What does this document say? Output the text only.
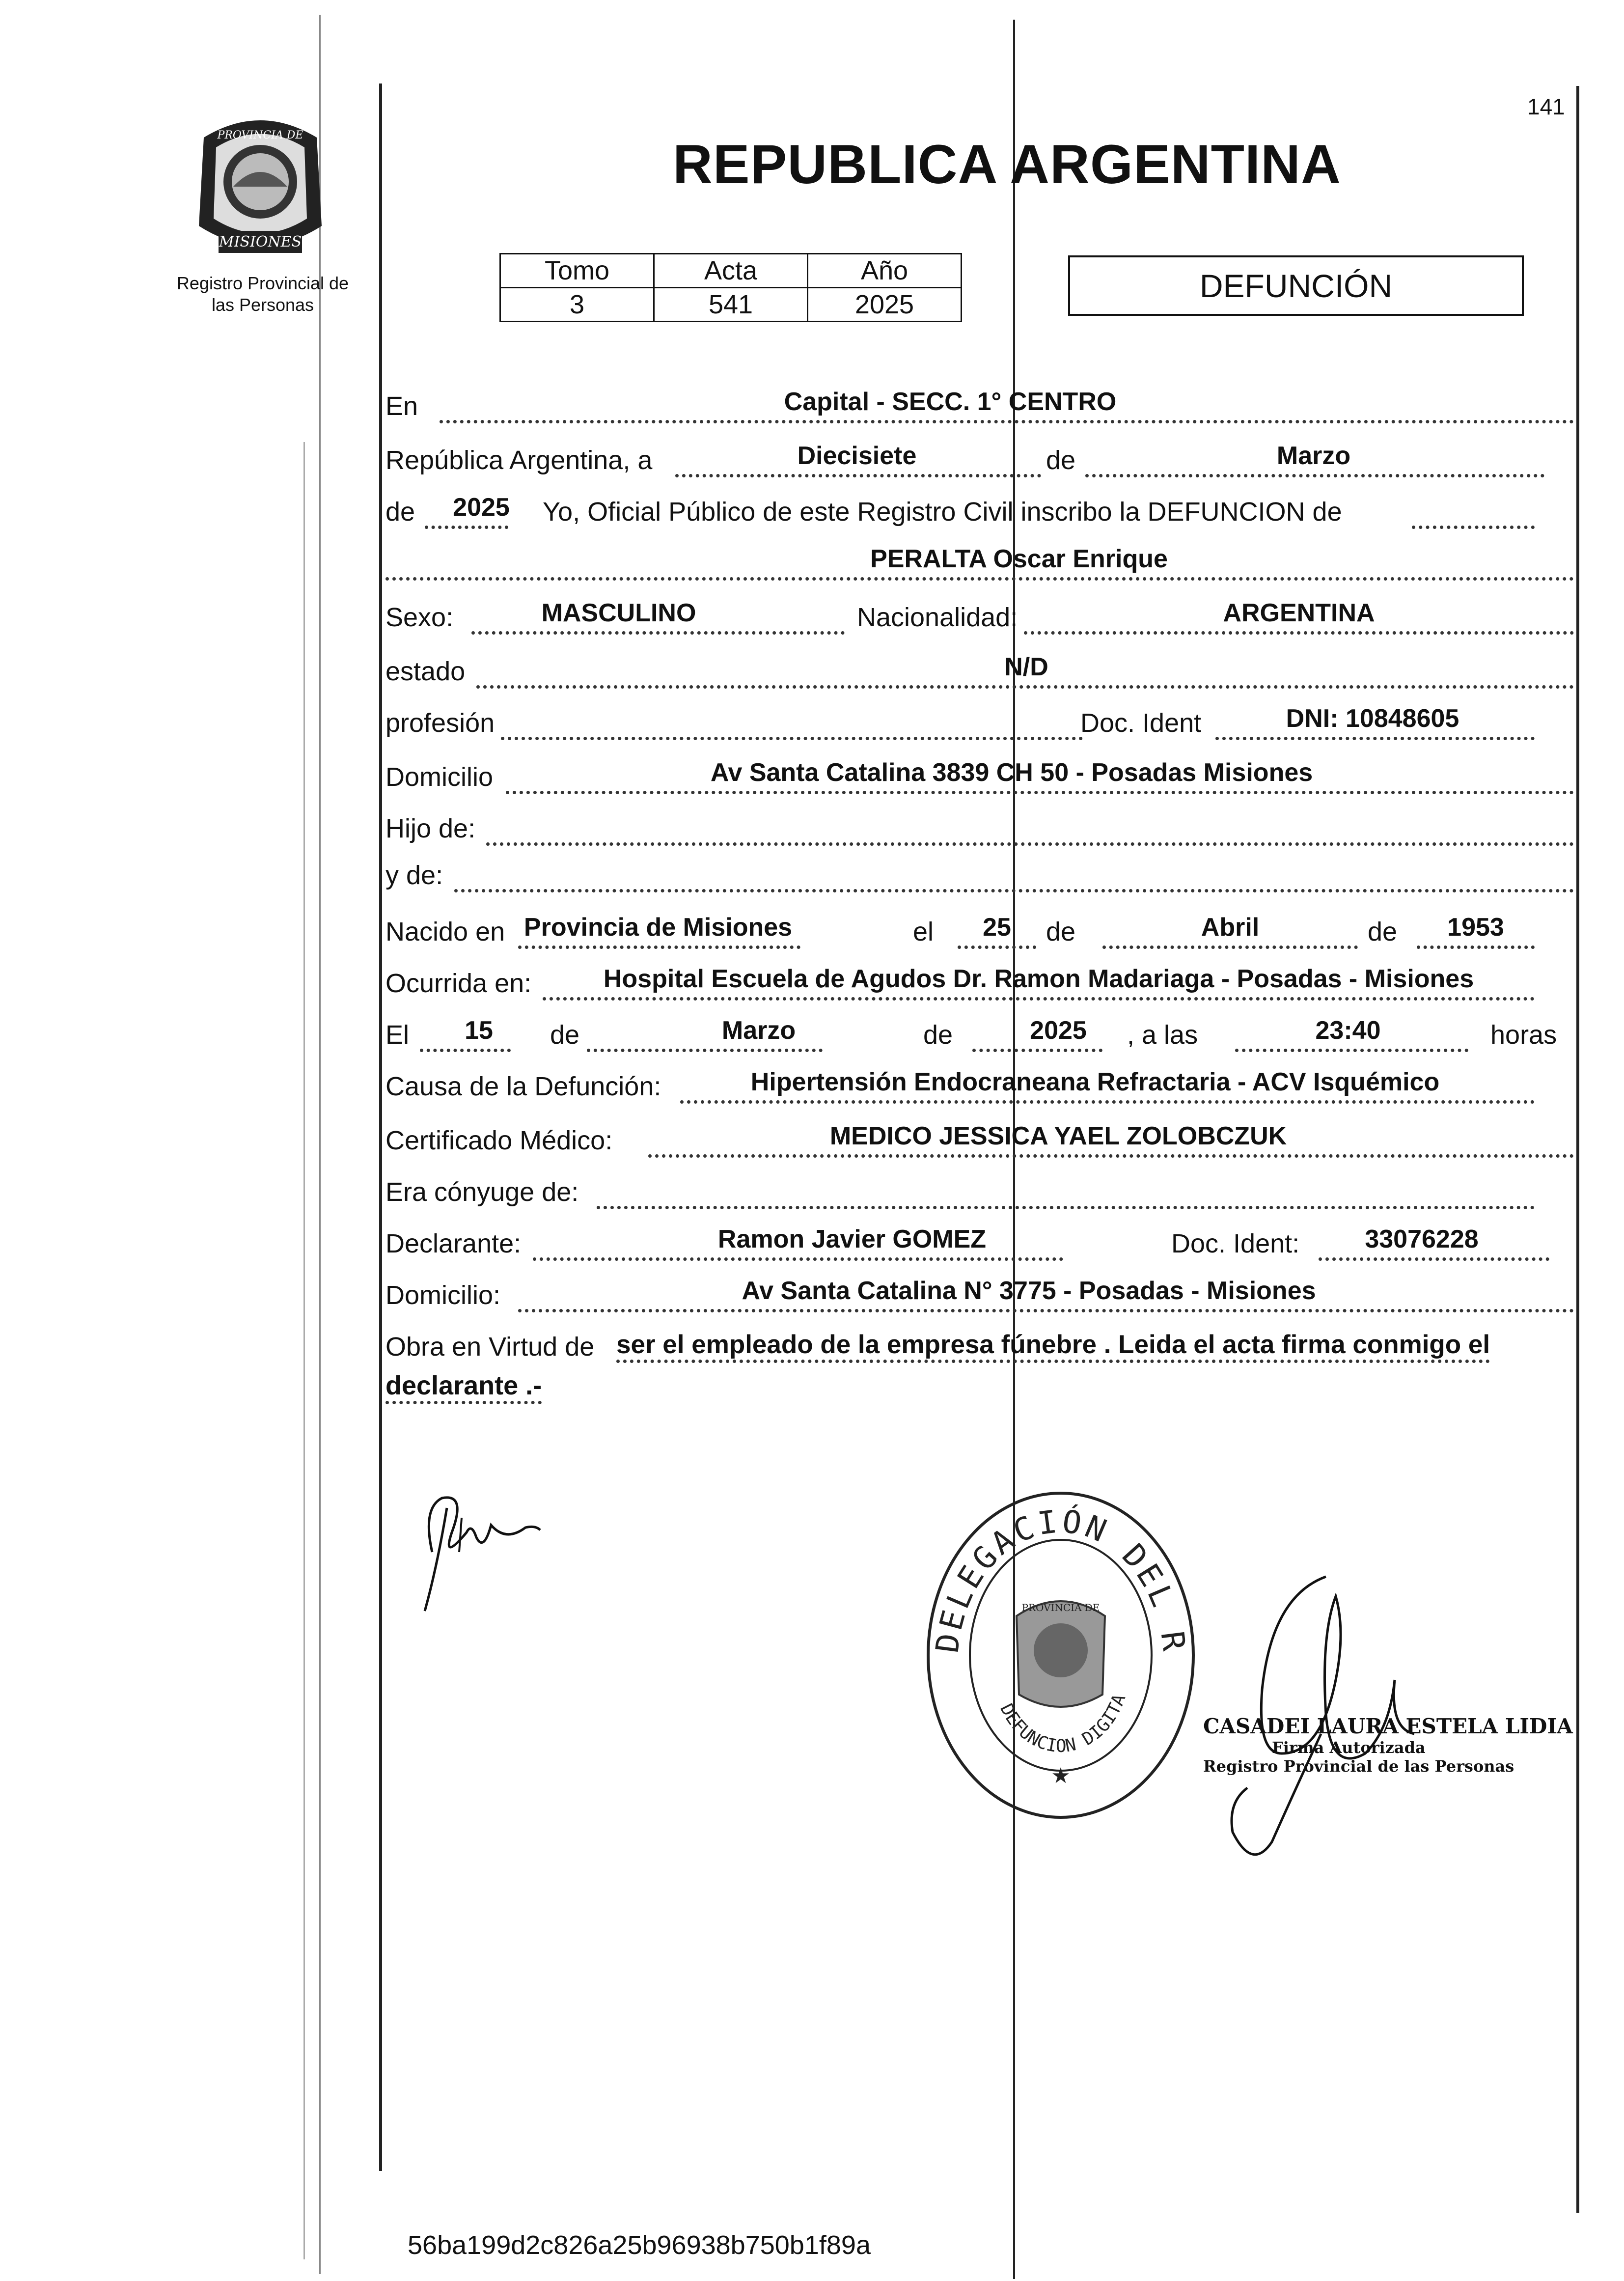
141
REPUBLICA ARGENTINA
MISIONES
PROVINCIA DE
Registro Provincial de
las Personas
Tomo	Acta	Año
3	541	2025
DEFUNCIÓN
En	Capital - SECC. 1° CENTRO
República Argentina, a	Diecisiete	de	Marzo
de 2025 Yo, Oficial Público de este Registro Civil inscribo la DEFUNCION de
PERALTA Oscar Enrique
Sexo:	MASCULINO	Nacionalidad:	ARGENTINA
estado	N/D
profesión	Doc. Ident	DNI: 10848605
Domicilio	Av Santa Catalina 3839 CH 50 - Posadas Misiones
Hijo de:
y de:
Nacido en Provincia de Misiones	el 25 de	Abril	de 1953
Ocurrida en:	Hospital Escuela de Agudos Dr. Ramon Madariaga - Posadas - Misiones
El 15 de	Marzo	de	2025 , a las	23:40	horas
Causa de la Defunción:	Hipertensión Endocraneana Refractaria - ACV Isquémico
Certificado Médico:	MEDICO JESSICA YAEL ZOLOBCZUK
Era cónyuge de:
Declarante:	Ramon Javier GOMEZ	Doc. Ident:	33076228
Domicilio:	Av Santa Catalina N° 3775 - Posadas - Misiones
Obra en Virtud de ser el empleado de la empresa fúnebre . Leida el acta firma conmigo el
declarante .-
DELEGACIÓN DEL R
DEFUNCION DIGITA
PROVINCIA DE
★
CASADEI LAURA ESTELA LIDIA
Firma Autorizada
Registro Provincial de las Personas
56ba199d2c826a25b96938b750b1f89a
